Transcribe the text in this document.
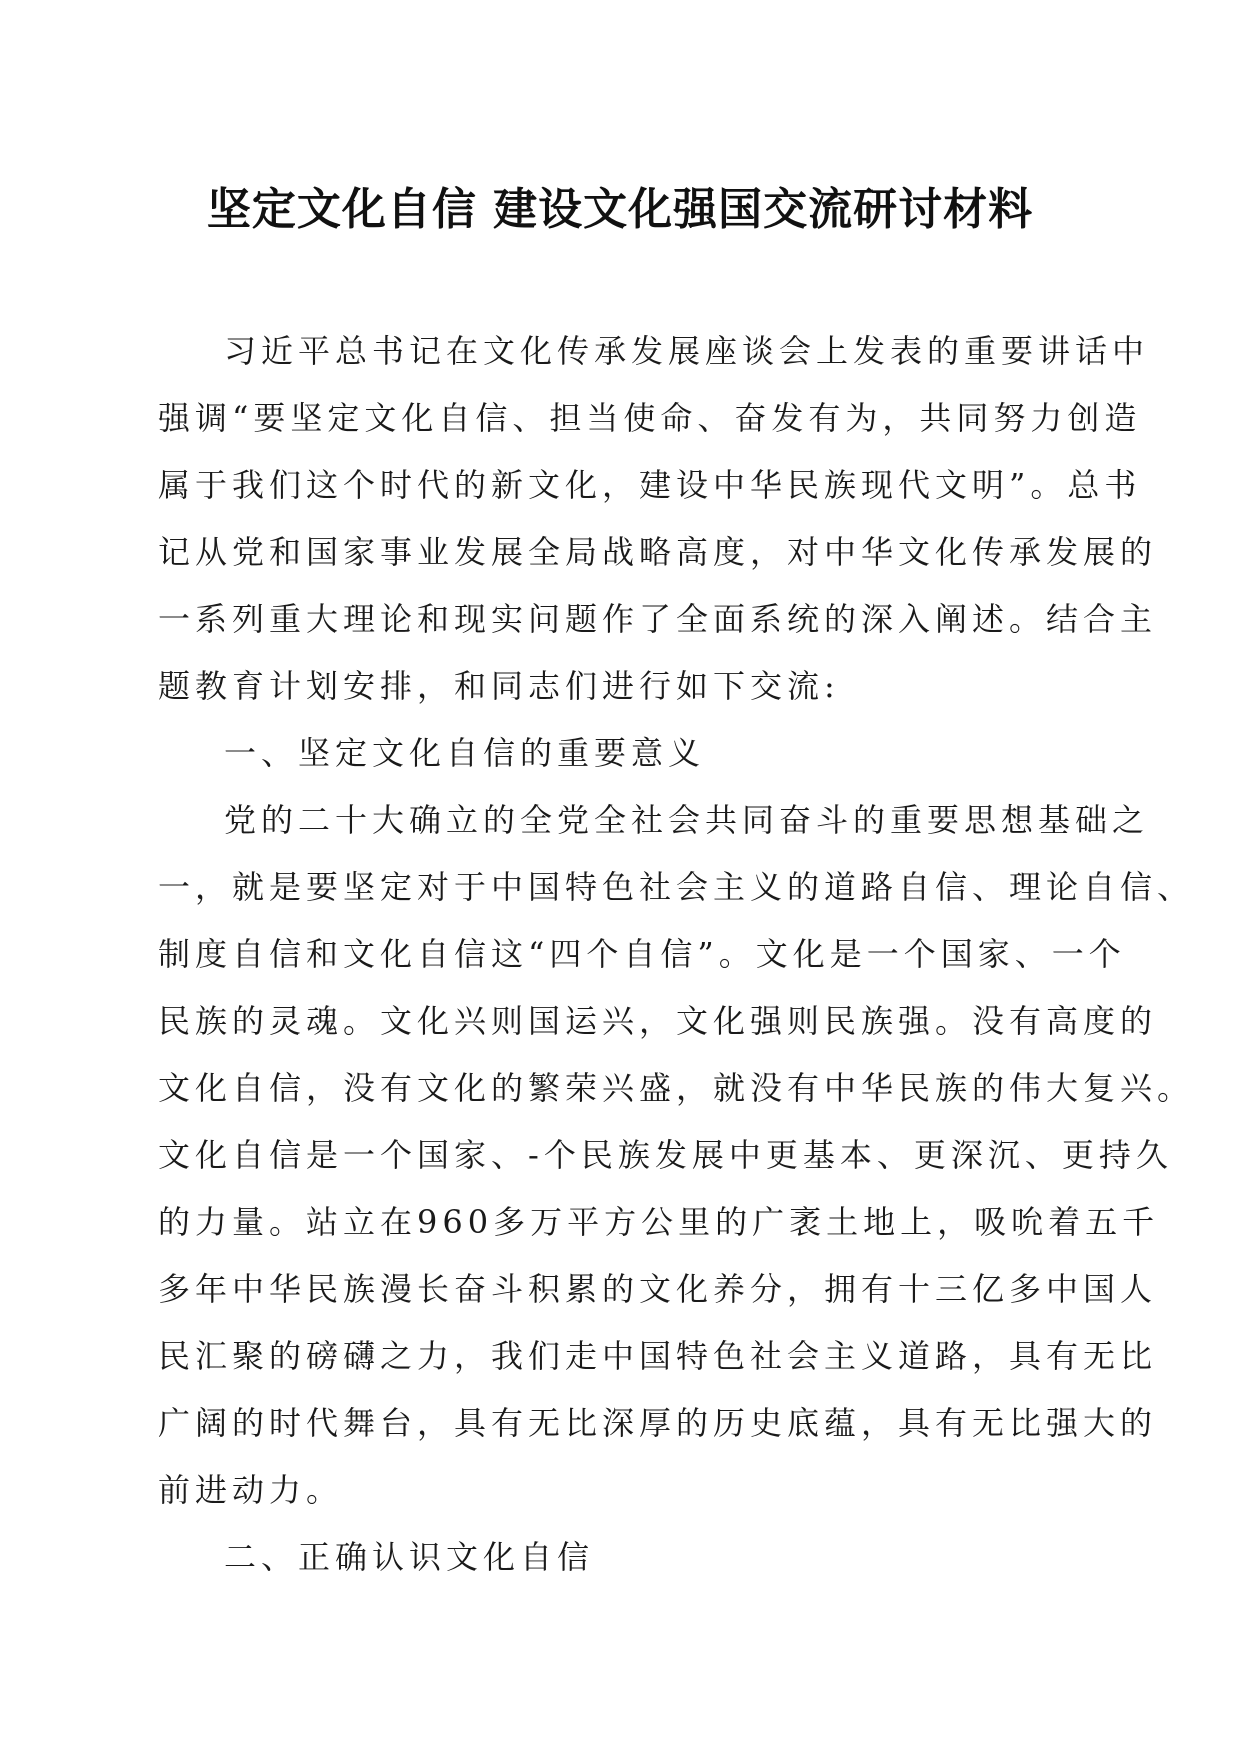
坚定文化自信 建设文化强国交流研讨材料
习近平总书记在文化传承发展座谈会上发表的重要讲话中
强调“要坚定文化自信、担当使命、奋发有为，共同努力创造
属于我们这个时代的新文化，建设中华民族现代文明”。总书
记从党和国家事业发展全局战略高度，对中华文化传承发展的
一系列重大理论和现实问题作了全面系统的深入阐述。结合主
题教育计划安排，和同志们进行如下交流:
一、坚定文化自信的重要意义
党的二十大确立的全党全社会共同奋斗的重要思想基础之
一，就是要坚定对于中国特色社会主义的道路自信、理论自信、
制度自信和文化自信这“四个自信”。文化是一个国家、一个
民族的灵魂。文化兴则国运兴，文化强则民族强。没有高度的
文化自信，没有文化的繁荣兴盛，就没有中华民族的伟大复兴。
文化自信是一个国家、-个民族发展中更基本、更深沉、更持久
的力量。站立在960多万平方公里的广袤土地上，吸吮着五千
多年中华民族漫长奋斗积累的文化养分，拥有十三亿多中国人
民汇聚的磅礴之力，我们走中国特色社会主义道路，具有无比
广阔的时代舞台，具有无比深厚的历史底蕴，具有无比强大的
前进动力。
二、正确认识文化自信
